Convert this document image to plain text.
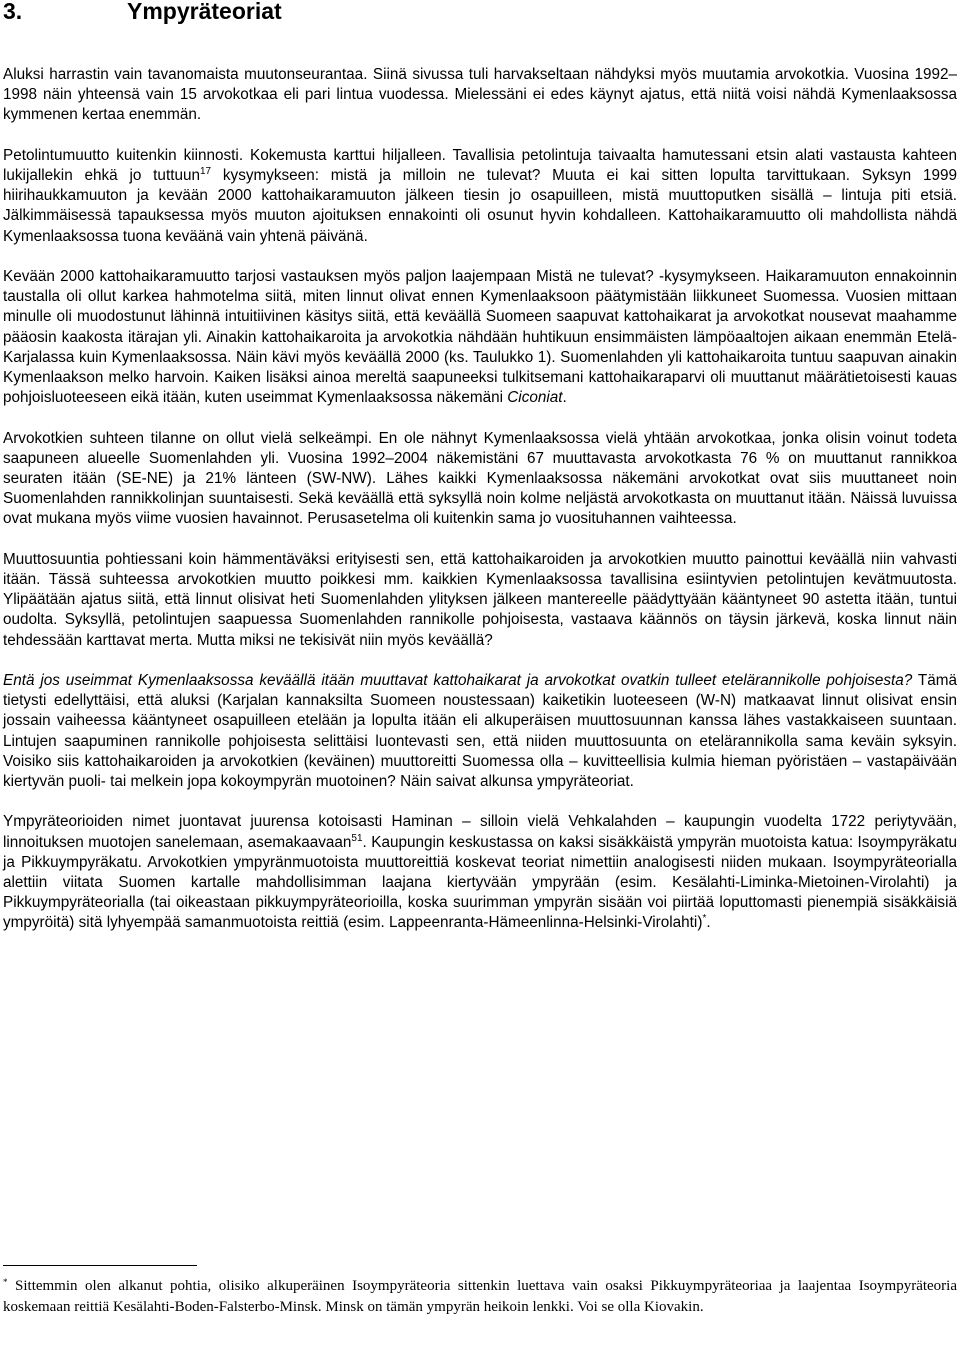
3.	Ympyräteoriat

Aluksi harrastin vain tavanomaista muutonseurantaa. Siinä sivussa tuli harvakseltaan nähdyksi myös muutamia arvokotkia. Vuosina 1992–1998 näin yhteensä vain 15 arvokotkaa eli pari lintua vuodessa. Mielessäni ei edes käynyt ajatus, että niitä voisi nähdä Kymenlaaksossa kymmenen kertaa enemmän.

Petolintumuutto kuitenkin kiinnosti. Kokemusta karttui hiljalleen. Tavallisia petolintuja taivaalta hamutessani etsin alati vastausta kahteen lukijallekin ehkä jo tuttuun$^{17}$ kysymykseen: mistä ja milloin ne tulevat? Muuta ei kai sitten lopulta tarvittukaan. Syksyn 1999 hiirihaukkamuuton ja kevään 2000 kattohaikaramuuton jälkeen tiesin jo osapuilleen, mistä muuttoputken sisällä – lintuja piti etsiä. Jälkimmäisessä tapauksessa myös muuton ajoituksen ennakointi oli osunut hyvin kohdalleen. Kattohaikaramuutto oli mahdollista nähdä Kymenlaaksossa tuona keväänä vain yhtenä päivänä.

Kevään 2000 kattohaikaramuutto tarjosi vastauksen myös paljon laajempaan Mistä ne tulevat? -kysymykseen. Haikaramuuton ennakoinnin taustalla oli ollut karkea hahmotelma siitä, miten linnut olivat ennen Kymenlaaksoon päätymistään liikkuneet Suomessa. Vuosien mittaan minulle oli muodostunut lähinnä intuitiivinen käsitys siitä, että keväällä Suomeen saapuvat kattohaikarat ja arvokotkat nousevat maahamme pääosin kaakosta itärajan yli. Ainakin kattohaikaroita ja arvokotkia nähdään huhtikuun ensimmäisten lämpöaaltojen aikaan enemmän Etelä-Karjalassa kuin Kymenlaaksossa. Näin kävi myös keväällä 2000 (ks. Taulukko 1). Suomenlahden yli kattohaikaroita tuntuu saapuvan ainakin Kymenlaakson melko harvoin. Kaiken lisäksi ainoa mereltä saapuneeksi tulkitsemani kattohaikaraparvi oli muuttanut määrätietoisesti kauas pohjoisluoteeseen eikä itään, kuten useimmat Kymenlaaksossa näkemäni Ciconiat.

Arvokotkien suhteen tilanne on ollut vielä selkeämpi. En ole nähnyt Kymenlaaksossa vielä yhtään arvokotkaa, jonka olisin voinut todeta saapuneen alueelle Suomenlahden yli. Vuosina 1992–2004 näkemistäni 67 muuttavasta arvokotkasta 76 % on muuttanut rannikkoa seuraten itään (SE-NE) ja 21% länteen (SW-NW). Lähes kaikki Kymenlaaksossa näkemäni arvokotkat ovat siis muuttaneet noin Suomenlahden rannikkolinjan suuntaisesti. Sekä keväällä että syksyllä noin kolme neljästä arvokotkasta on muuttanut itään. Näissä luvuissa ovat mukana myös viime vuosien havainnot. Perusasetelma oli kuitenkin sama jo vuosituhannen vaihteessa.

Muuttosuuntia pohtiessani koin hämmentäväksi erityisesti sen, että kattohaikaroiden ja arvokotkien muutto painottui keväällä niin vahvasti itään. Tässä suhteessa arvokotkien muutto poikkesi mm. kaikkien Kymenlaaksossa tavallisina esiintyvien petolintujen kevätmuutosta. Ylipäätään ajatus siitä, että linnut olisivat heti Suomenlahden ylityksen jälkeen mantereelle päädyttyään kääntyneet 90 astetta itään, tuntui oudolta. Syksyllä, petolintujen saapuessa Suomenlahden rannikolle pohjoisesta, vastaava käännös on täysin järkevä, koska linnut näin tehdessään karttavat merta. Mutta miksi ne tekisivät niin myös keväällä?

Entä jos useimmat Kymenlaaksossa keväällä itään muuttavat kattohaikarat ja arvokotkat ovatkin tulleet etelärannikolle pohjoisesta? Tämä tietysti edellyttäisi, että aluksi (Karjalan kannaksilta Suomeen noustessaan) kaiketikin luoteeseen (W-N) matkaavat linnut olisivat ensin jossain vaiheessa kääntyneet osapuilleen etelään ja lopulta itään eli alkuperäisen muuttosuunnan kanssa lähes vastakkaiseen suuntaan. Lintujen saapuminen rannikolle pohjoisesta selittäisi luontevasti sen, että niiden muuttosuunta on etelärannikolla sama keväin syksyin. Voisiko siis kattohaikaroiden ja arvokotkien (keväinen) muuttoreitti Suomessa olla – kuvitteellisia kulmia hieman pyöristäen – vastapäivään kiertyvän puoli- tai melkein jopa kokoympyrän muotoinen? Näin saivat alkunsa ympyräteoriat.

Ympyräteorioiden nimet juontavat juurensa kotoisasti Haminan – silloin vielä Vehkalahden – kaupungin vuodelta 1722 periytyvään, linnoituksen muotojen sanelemaan, asemakaavaan$^{51}$. Kaupungin keskustassa on kaksi sisäkkäistä ympyrän muotoista katua: Isoympyräkatu ja Pikkuympyräkatu. Arvokotkien ympyränmuotoista muuttoreittiä koskevat teoriat nimettiin analogisesti niiden mukaan. Isoympyräteorialla alettiin viitata Suomen kartalle mahdollisimman laajana kiertyvään ympyrään (esim. Kesälahti-Liminka-Mietoinen-Virolahti) ja Pikkuympyräteorialla (tai oikeastaan pikkuympyräteorioilla, koska suurimman ympyrän sisään voi piirtää loputtomasti pienempiä sisäkkäisiä ympyröitä) sitä lyhyempää samanmuotoista reittiä (esim. Lappeenranta-Hämeenlinna-Helsinki-Virolahti)*.

* Sittemmin olen alkanut pohtia, olisiko alkuperäinen Isoympyräteoria sittenkin luettava vain osaksi Pikkuympyräteoriaa ja laajentaa Isoympyräteoria koskemaan reittiä Kesälahti-Boden-Falsterbo-Minsk. Minsk on tämän ympyrän heikoin lenkki. Voi se olla Kiovakin.
